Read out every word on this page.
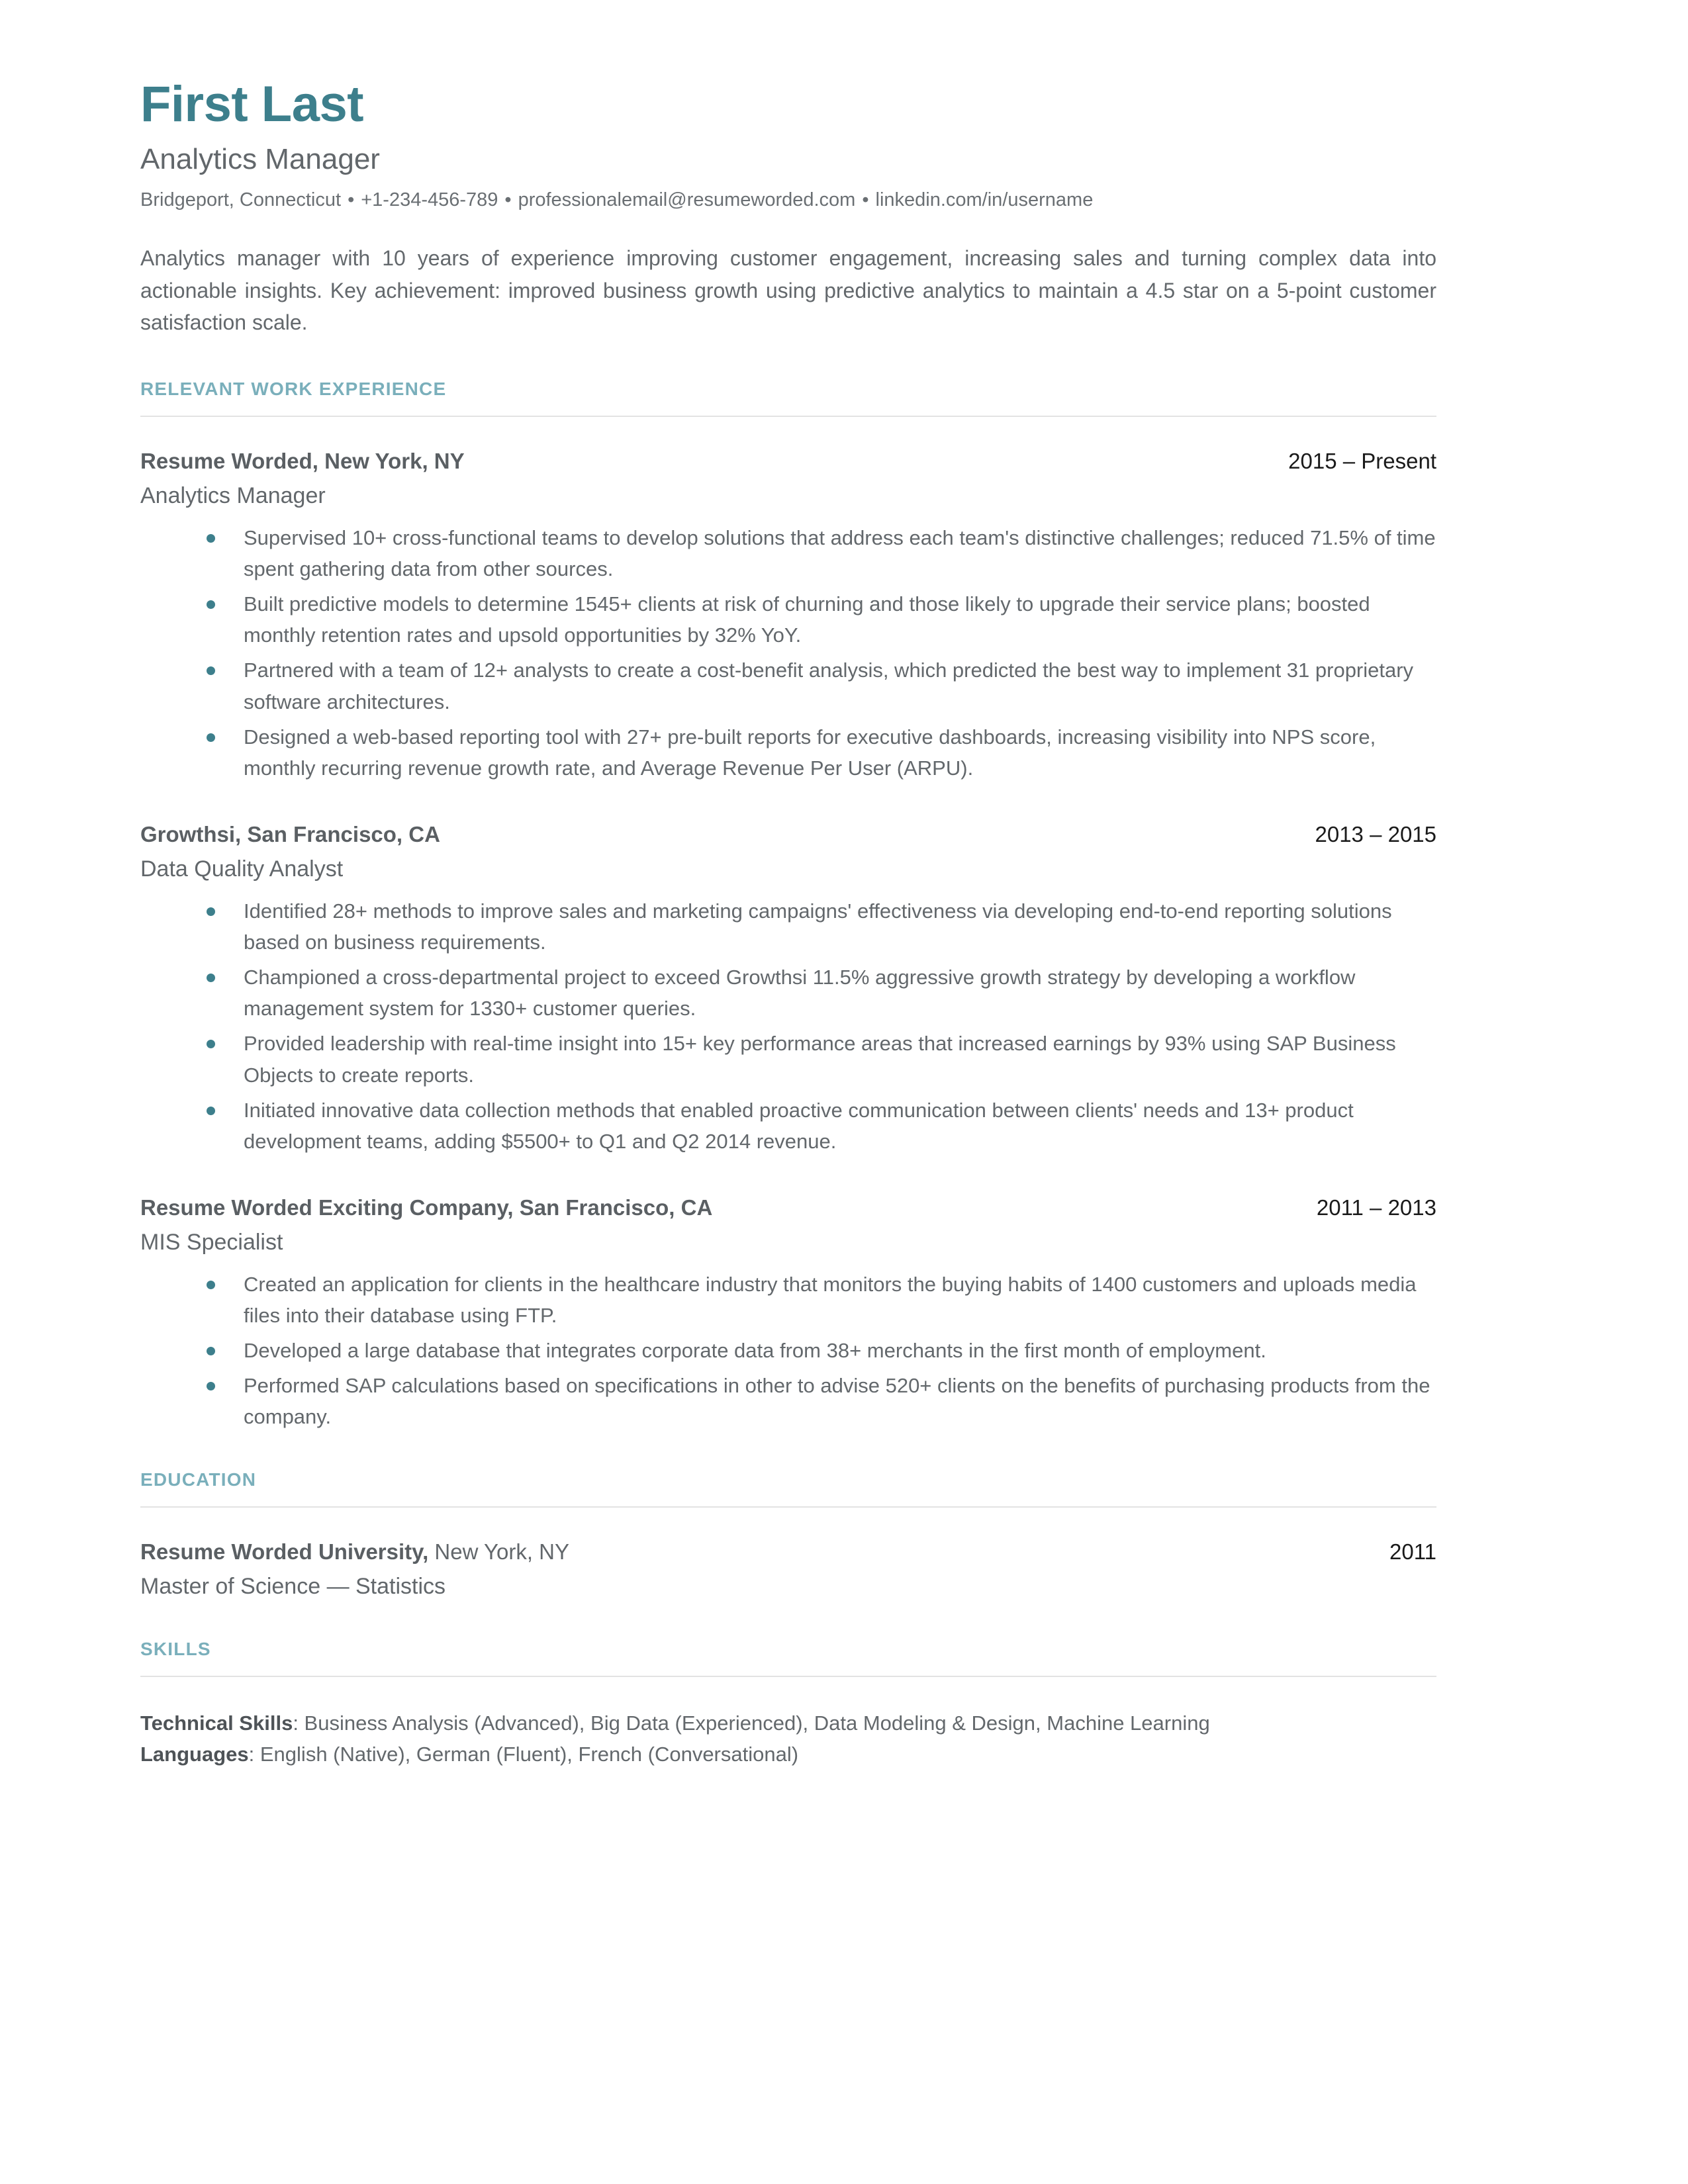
First Last
Analytics Manager
Bridgeport, Connecticut • +1-234-456-789 • professionalemail@resumeworded.com • linkedin.com/in/username

Analytics manager with 10 years of experience improving customer engagement, increasing sales and turning complex data into actionable insights. Key achievement: improved business growth using predictive analytics to maintain a 4.5 star on a 5-point customer satisfaction scale.

RELEVANT WORK EXPERIENCE
Resume Worded, New York, NY	2015 – Present
Analytics Manager
Supervised 10+ cross-functional teams to develop solutions that address each team's distinctive challenges; reduced 71.5% of time spent gathering data from other sources.
Built predictive models to determine 1545+ clients at risk of churning and those likely to upgrade their service plans; boosted monthly retention rates and upsold opportunities by 32% YoY.
Partnered with a team of 12+ analysts to create a cost-benefit analysis, which predicted the best way to implement 31 proprietary software architectures.
Designed a web-based reporting tool with 27+ pre-built reports for executive dashboards, increasing visibility into NPS score, monthly recurring revenue growth rate, and Average Revenue Per User (ARPU).
Growthsi, San Francisco, CA	2013 – 2015
Data Quality Analyst
Identified 28+ methods to improve sales and marketing campaigns' effectiveness via developing end-to-end reporting solutions based on business requirements.
Championed a cross-departmental project to exceed Growthsi 11.5% aggressive growth strategy by developing a workflow management system for 1330+ customer queries.
Provided leadership with real-time insight into 15+ key performance areas that increased earnings by 93% using SAP Business Objects to create reports.
Initiated innovative data collection methods that enabled proactive communication between clients' needs and 13+ product development teams, adding $5500+ to Q1 and Q2 2014 revenue.
Resume Worded Exciting Company, San Francisco, CA	2011 – 2013
MIS Specialist
Created an application for clients in the healthcare industry that monitors the buying habits of 1400 customers and uploads media files into their database using FTP.
Developed a large database that integrates corporate data from 38+ merchants in the first month of employment.
Performed SAP calculations based on specifications in other to advise 520+ clients on the benefits of purchasing products from the company.
EDUCATION
Resume Worded University, New York, NY	2011
Master of Science — Statistics
SKILLS
Technical Skills: Business Analysis (Advanced), Big Data (Experienced), Data Modeling & Design, Machine Learning
Languages: English (Native), German (Fluent), French (Conversational)
